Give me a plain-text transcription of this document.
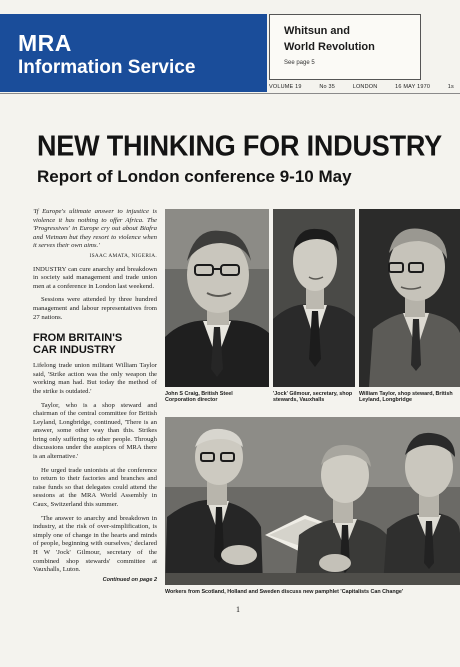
MRA
Information Service
Whitsun and
World Revolution
See page 5
VOLUME 19	No 35	LONDON	16 MAY 1970	1s
NEW THINKING FOR INDUSTRY
Report of London conference 9-10 May

'If Europe's ultimate answer to injustice is violence it has nothing to offer Africa. The 'Progressives' in Europe cry out about Biafra and Vietnam but they resort to violence when it serves their own aims.'

ISAAC AMATA, NIGERIA.

INDUSTRY can cure anarchy and breakdown in society said management and trade union men at a conference in London last weekend.

Sessions were attended by three hundred management and labour representatives from 27 nations.

FROM BRITAIN'S
CAR INDUSTRY

Lifelong trade union militant William Taylor said, 'Strike action was the only weapon the working man had. But today the method of the strike is outdated.'

Taylor, who is a shop steward and chairman of the central committee for British Leyland, Longbridge, continued, 'There is an answer, some other way than this. Strikes bring only suffering to other people. Through discussions under the auspices of MRA there is an alternative.'

He urged trade unionists at the conference to return to their factories and branches and raise funds so that delegates could attend the sessions at the MRA World Assembly in Caux, Switzerland this summer.

'The answer to anarchy and breakdown in industry, at the risk of over-simplification, is simply one of change in the hearts and minds of people, beginning with ourselves,' declared H W 'Jock' Gilmour, secretary of the combined shop stewards' committee at Vauxhalls, Luton.

Continued on page 2
John S Craig, British Steel Corporation director
'Jock' Gilmour, secretary, shop stewards, Vauxhalls
William Taylor, shop steward, British Leyland, Longbridge
Workers from Scotland, Holland and Sweden discuss new pamphlet 'Capitalists Can Change'
1
